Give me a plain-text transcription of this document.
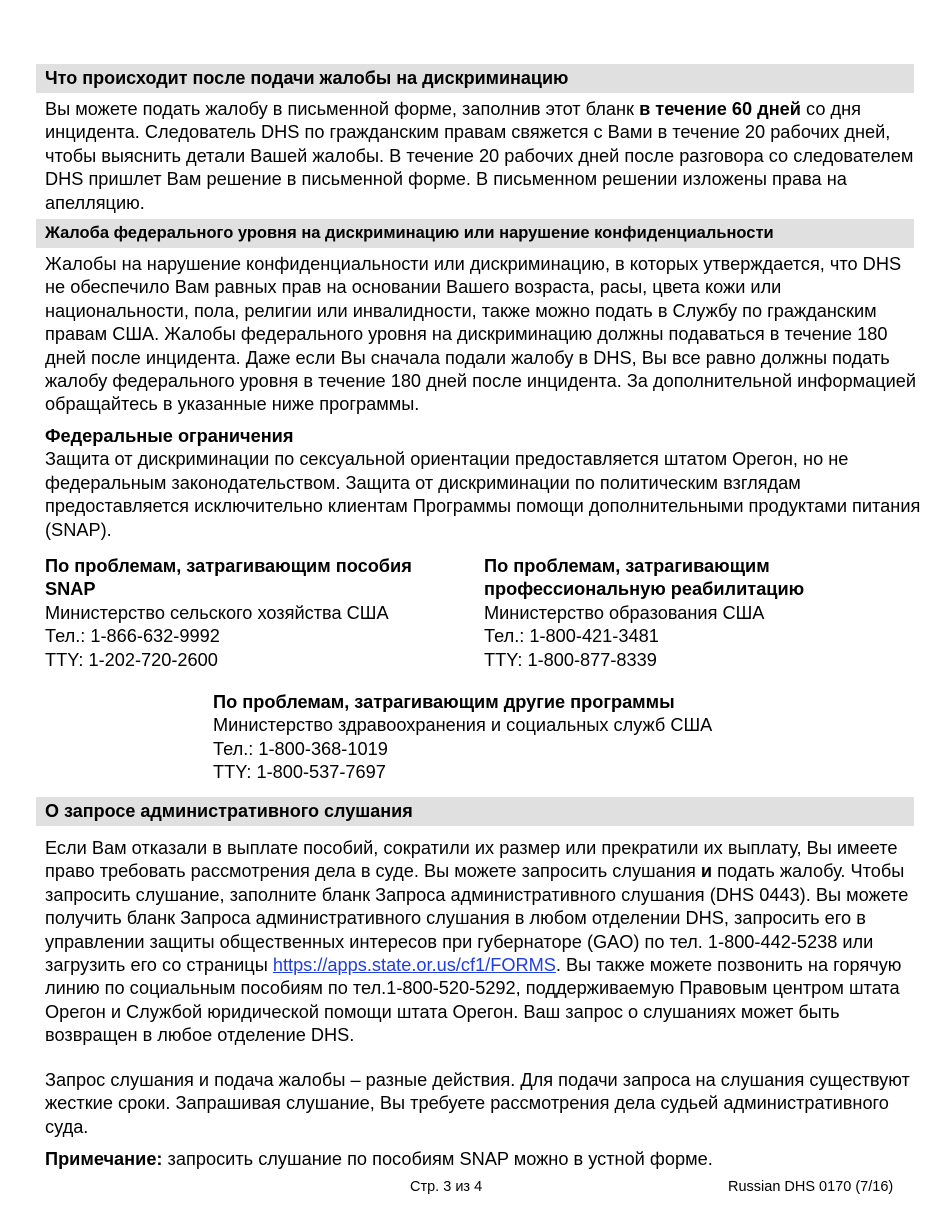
Что происходит после подачи жалобы на дискриминацию

Вы можете подать жалобу в письменной форме, заполнив этот бланк в течение 60 дней со дня инцидента. Следователь DHS по гражданским правам свяжется с Вами в течение 20 рабочих дней, чтобы выяснить детали Вашей жалобы. В течение 20 рабочих дней после разговора со следователем DHS пришлет Вам решение в письменной форме. В письменном решении изложены права на апелляцию.

Жалоба федерального уровня на дискриминацию или нарушение конфиденциальности

Жалобы на нарушение конфиденциальности или дискриминацию, в которых утверждается, что DHS не обеспечило Вам равных прав на основании Вашего возраста, расы, цвета кожи или национальности, пола, религии или инвалидности, также можно подать в Службу по гражданским правам США. Жалобы федерального уровня на дискриминацию должны подаваться в течение 180 дней после инцидента. Даже если Вы сначала подали жалобу в DHS, Вы все равно должны подать жалобу федерального уровня в течение 180 дней после инцидента. За дополнительной информацией обращайтесь в указанные ниже программы.

Федеральные ограничения
Защита от дискриминации по сексуальной ориентации предоставляется штатом Орегон, но не федеральным законодательством. Защита от дискриминации по политическим взглядам предоставляется исключительно клиентам Программы помощи дополнительными продуктами питания (SNAP).
По проблемам, затрагивающим пособия
SNAP
Министерство сельского хозяйства США
Тел.: 1-866-632-9992
TTY: 1-202-720-2600
По проблемам, затрагивающим
профессиональную реабилитацию
Министерство образования США
Тел.: 1-800-421-3481
TTY: 1-800-877-8339
По проблемам, затрагивающим другие программы
Министерство здравоохранения и социальных служб США
Тел.: 1-800-368-1019
TTY: 1-800-537-7697
О запросе административного слушания

Если Вам отказали в выплате пособий, сократили их размер или прекратили их выплату, Вы имеете право требовать рассмотрения дела в суде. Вы можете запросить слушания и подать жалобу. Чтобы запросить слушание, заполните бланк Запроса административного слушания (DHS 0443). Вы можете получить бланк Запроса административного слушания в любом отделении DHS, запросить его в управлении защиты общественных интересов при губернаторе (GAO) по тел. 1-800-442-5238 или загрузить его со страницы https://apps.state.or.us/cf1/FORMS. Вы также можете позвонить на горячую линию по социальным пособиям по тел.1-800-520-5292, поддерживаемую Правовым центром штата Орегон и Службой юридической помощи штата Орегон. Ваш запрос о слушаниях может быть возвращен в любое отделение DHS.

Запрос слушания и подача жалобы – разные действия. Для подачи запроса на слушания существуют жесткие сроки. Запрашивая слушание, Вы требуете рассмотрения дела судьей административного суда.

Примечание: запросить слушание по пособиям SNAP можно в устной форме.

Стр. 3 из 4	Russian DHS 0170 (7/16)
